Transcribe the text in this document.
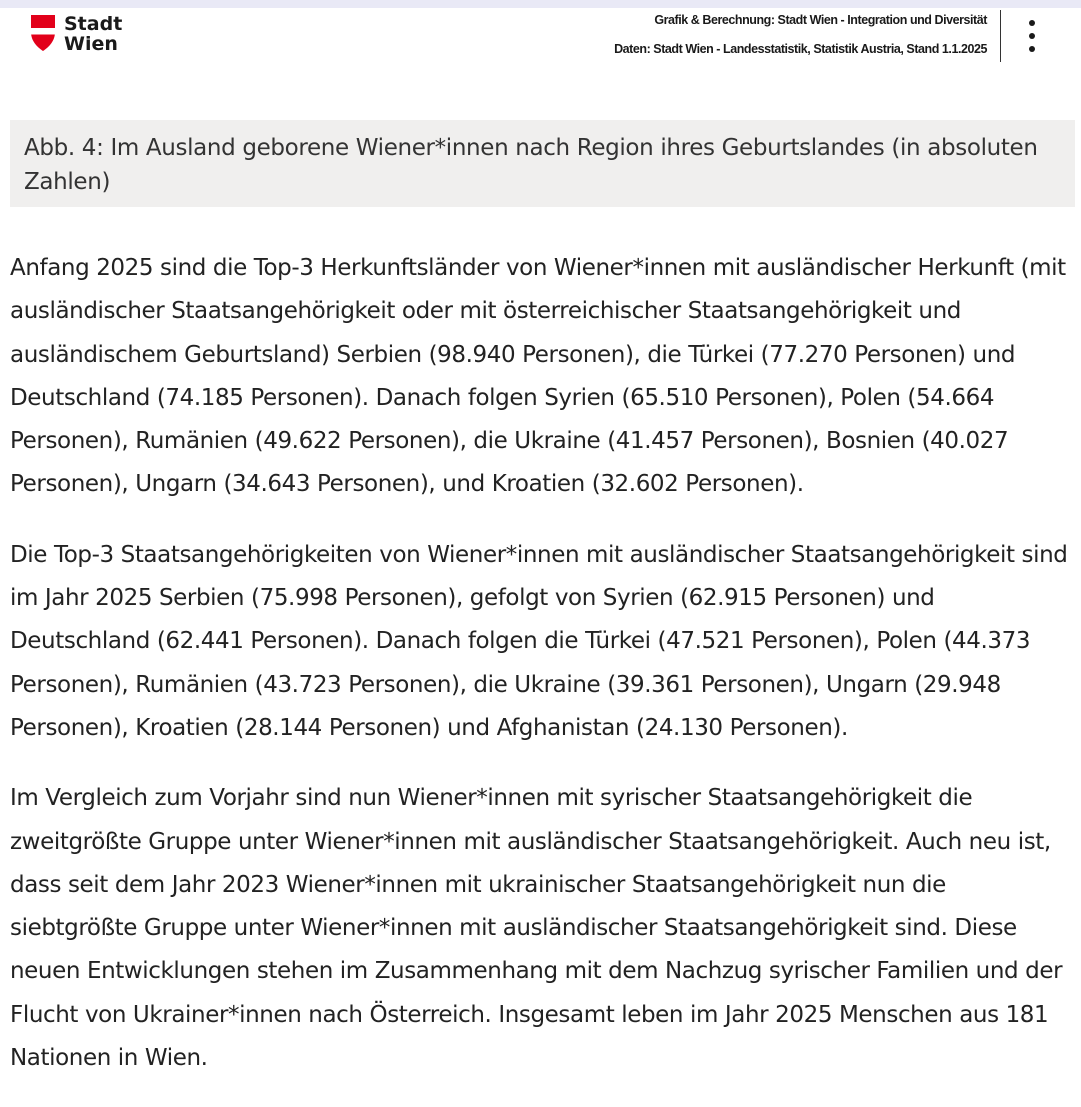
Stadt
Wien
Grafik & Berechnung: Stadt Wien - Integration und Diversität
Daten: Stadt Wien - Landesstatistik, Statistik Austria, Stand 1.1.2025
Abb. 4: Im Ausland geborene Wiener*innen nach Region ihres Geburtslandes (in absoluten Zahlen)

Anfang 2025 sind die Top-3 Herkunftsländer von Wiener*innen mit ausländischer Herkunft (mit ausländischer Staatsangehörigkeit oder mit österreichischer Staatsangehörigkeit und ausländischem Geburtsland) Serbien (98.940 Personen), die Türkei (77.270 Personen) und Deutschland (74.185 Personen). Danach folgen Syrien (65.510 Personen), Polen (54.664 Personen), Rumänien (49.622 Personen), die Ukraine (41.457 Personen), Bosnien (40.027 Personen), Ungarn (34.643 Personen), und Kroatien (32.602 Personen).

Die Top-3 Staatsangehörigkeiten von Wiener*innen mit ausländischer Staatsangehörigkeit sind im Jahr 2025 Serbien (75.998 Personen), gefolgt von Syrien (62.915 Personen) und Deutschland (62.441 Personen). Danach folgen die Türkei (47.521 Personen), Polen (44.373 Personen), Rumänien (43.723 Personen), die Ukraine (39.361 Personen), Ungarn (29.948 Personen), Kroatien (28.144 Personen) und Afghanistan (24.130 Personen).

Im Vergleich zum Vorjahr sind nun Wiener*innen mit syrischer Staatsangehörigkeit die zweitgrößte Gruppe unter Wiener*innen mit ausländischer Staatsangehörigkeit. Auch neu ist, dass seit dem Jahr 2023 Wiener*innen mit ukrainischer Staatsangehörigkeit nun die siebtgrößte Gruppe unter Wiener*innen mit ausländischer Staatsangehörigkeit sind. Diese neuen Entwicklungen stehen im Zusammenhang mit dem Nachzug syrischer Familien und der Flucht von Ukrainer*innen nach Österreich. Insgesamt leben im Jahr 2025 Menschen aus 181 Nationen in Wien.
